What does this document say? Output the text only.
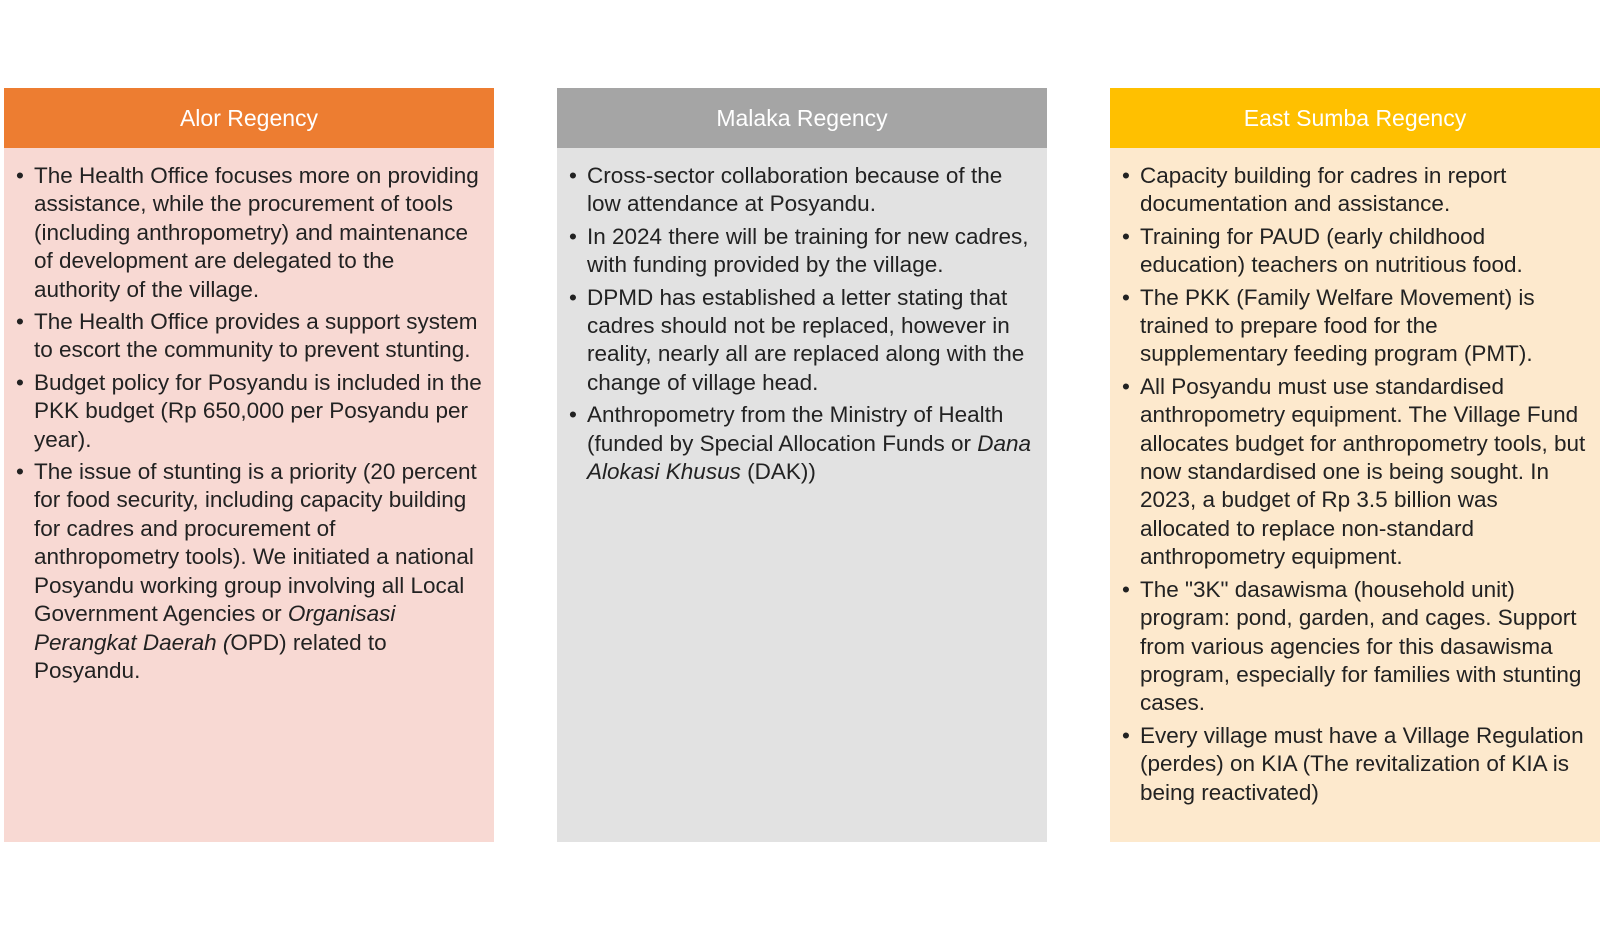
Alor Regency
• The Health Office focuses more on providing assistance, while the procurement of tools (including anthropometry) and maintenance of development are delegated to the authority of the village.
• The Health Office provides a support system to escort the community to prevent stunting.
• Budget policy for Posyandu is included in the PKK budget (Rp 650,000 per Posyandu per year).
• The issue of stunting is a priority (20 percent for food security, including capacity building for cadres and procurement of anthropometry tools). We initiated a national Posyandu working group involving all Local Government Agencies or Organisasi Perangkat Daerah (OPD) related to Posyandu.
Malaka Regency
• Cross-sector collaboration because of the low attendance at Posyandu.
• In 2024 there will be training for new cadres, with funding provided by the village.
• DPMD has established a letter stating that cadres should not be replaced, however in reality, nearly all are replaced along with the change of village head.
• Anthropometry from the Ministry of Health (funded by Special Allocation Funds or Dana Alokasi Khusus (DAK))
East Sumba Regency
• Capacity building for cadres in report documentation and assistance.
• Training for PAUD (early childhood education) teachers on nutritious food.
• The PKK (Family Welfare Movement) is trained to prepare food for the supplementary feeding program (PMT).
• All Posyandu must use standardised anthropometry equipment. The Village Fund allocates budget for anthropometry tools, but now standardised one is being sought. In 2023, a budget of Rp 3.5 billion was allocated to replace non-standard anthropometry equipment.
• The "3K" dasawisma (household unit) program: pond, garden, and cages. Support from various agencies for this dasawisma program, especially for families with stunting cases.
• Every village must have a Village Regulation (perdes) on KIA (The revitalization of KIA is being reactivated)
